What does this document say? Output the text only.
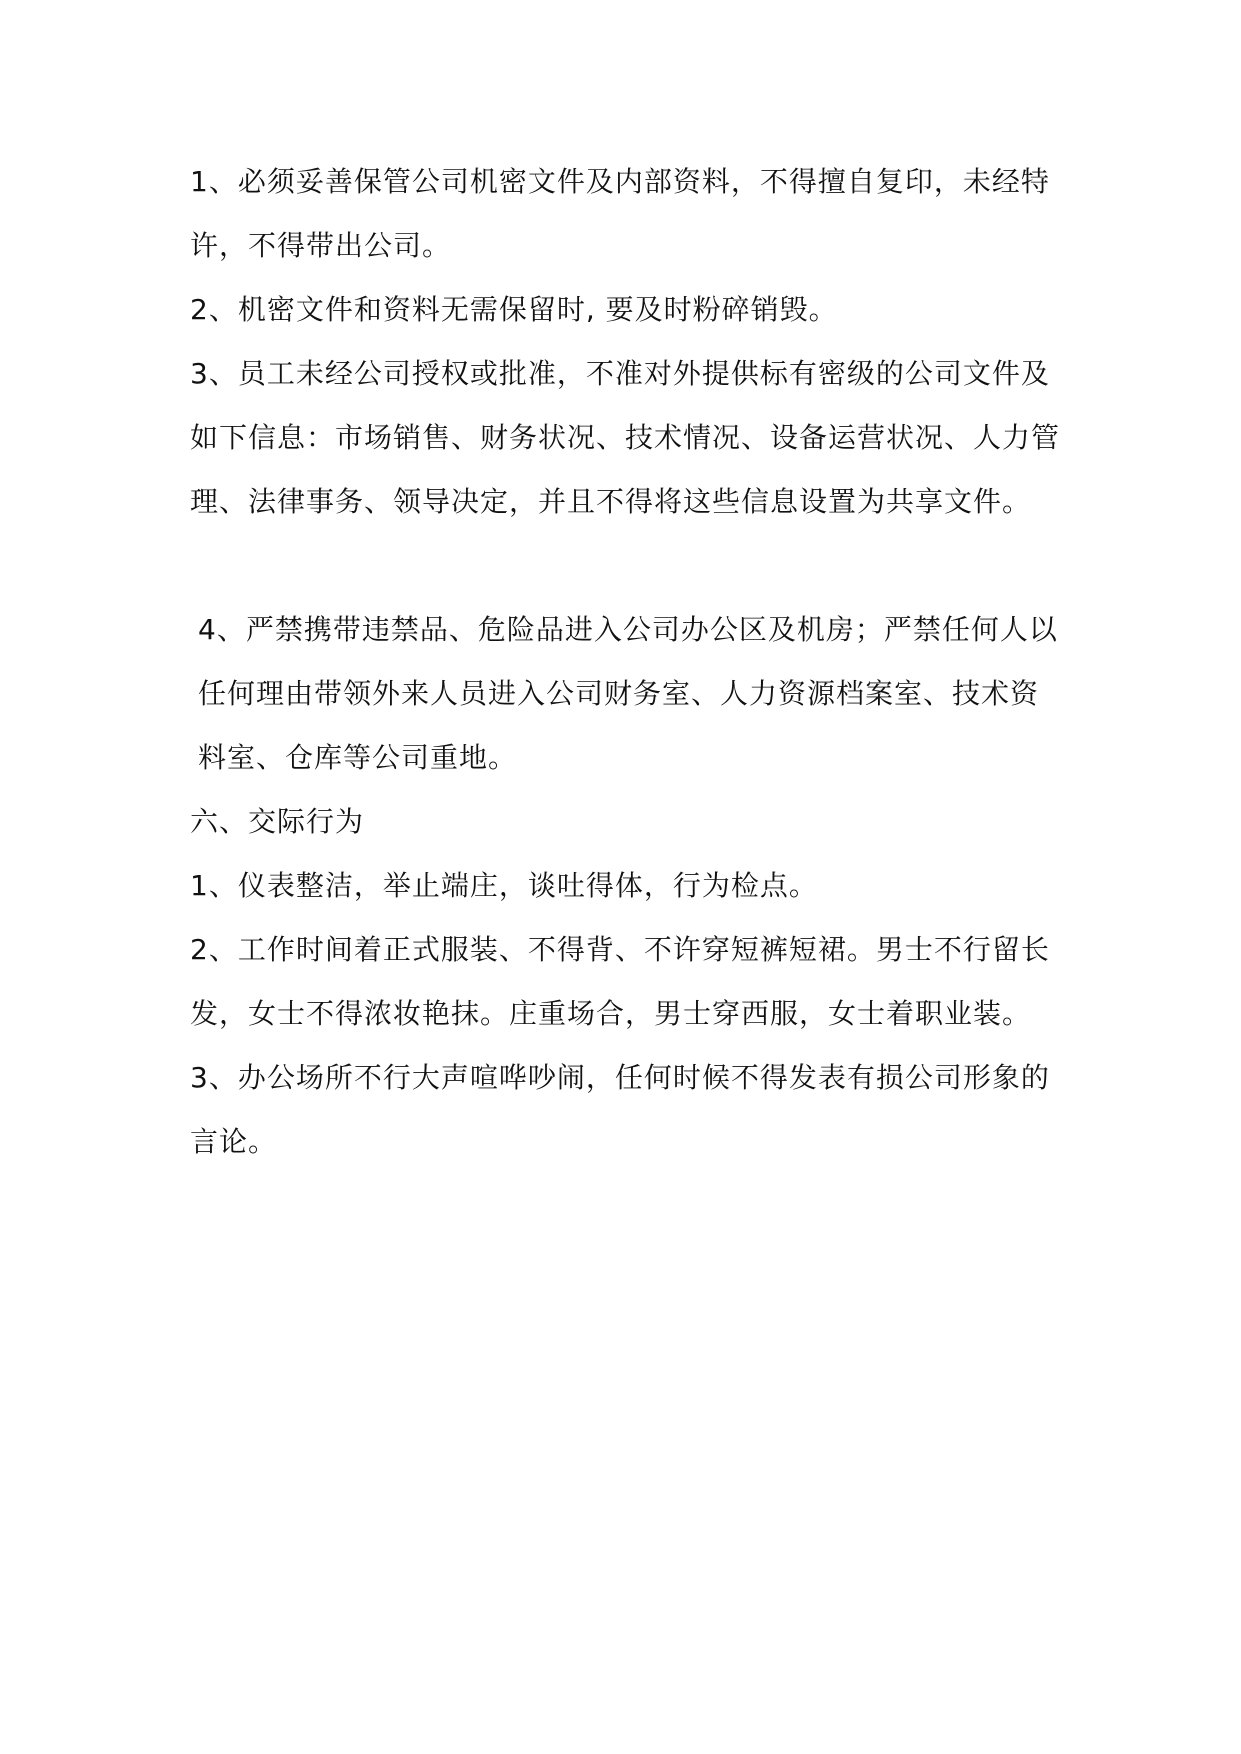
1、必须妥善保管公司机密文件及内部资料，不得擅自复印，未经特许，不得带出公司。

2、机密文件和资料无需保留时, 要及时粉碎销毁。

3、员工未经公司授权或批准，不准对外提供标有密级的公司文件及如下信息：市场销售、财务状况、技术情况、设备运营状况、人力管理、法律事务、领导决定，并且不得将这些信息设置为共享文件。

4、严禁携带违禁品、危险品进入公司办公区及机房；严禁任何人以任何理由带领外来人员进入公司财务室、人力资源档案室、技术资料室、仓库等公司重地。

六、交际行为

1、仪表整洁，举止端庄，谈吐得体，行为检点。

2、工作时间着正式服装、不得背、不许穿短裤短裙。男士不行留长发，女士不得浓妆艳抹。庄重场合，男士穿西服，女士着职业装。

3、办公场所不行大声喧哗吵闹，任何时候不得发表有损公司形象的言论。
